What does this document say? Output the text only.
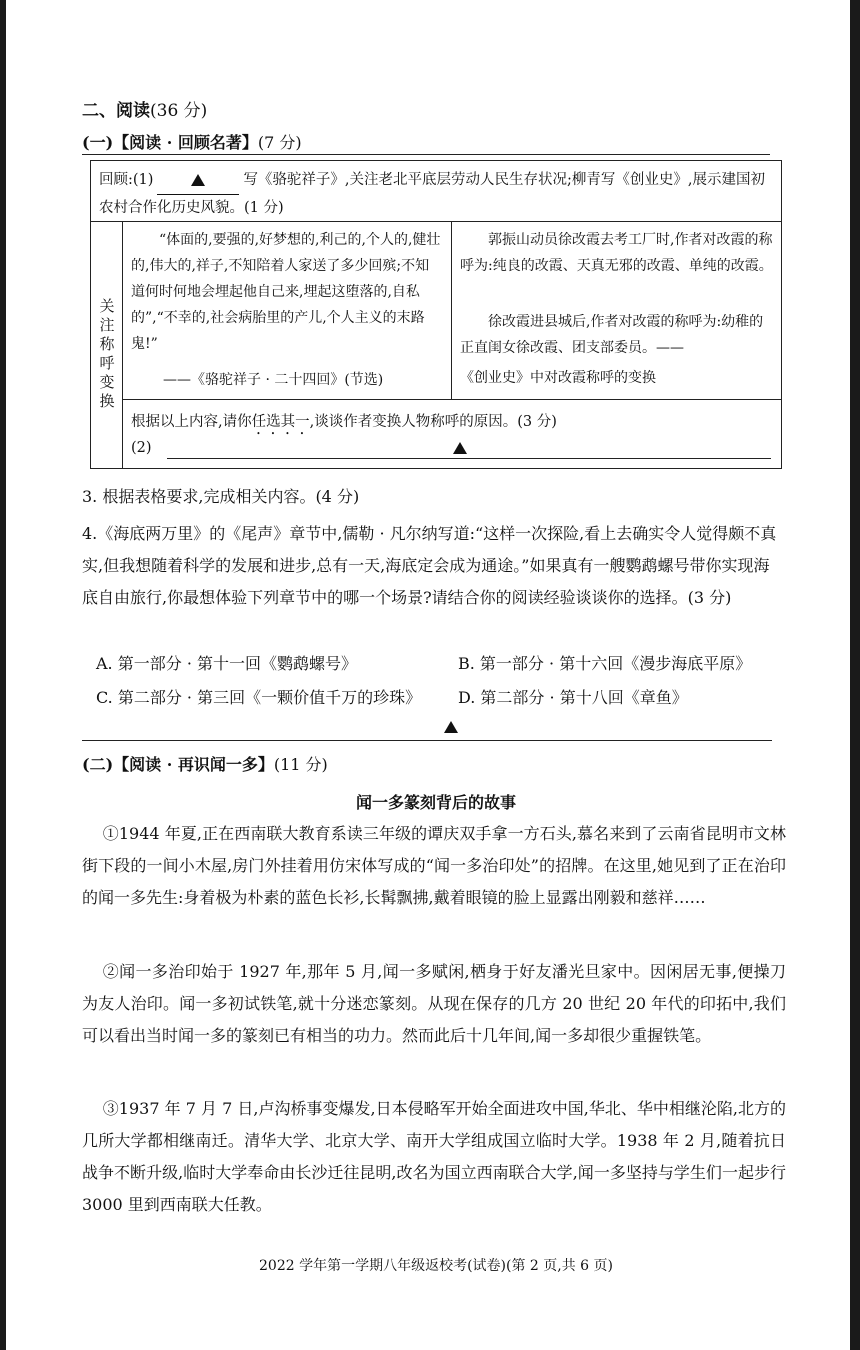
二、阅读(36 分)
(一)【阅读 · 回顾名著】(7 分)
回顾:(1)	写《骆驼祥子》,关注老北平底层劳动人民生存状况;柳青写《创业史》,展示建国初农村合作化历史风貌。(1 分)
关注称呼变换
“体面的,要强的,好梦想的,利己的,个人的,健壮的,伟大的,祥子,不知陪着人家送了多少回殡;不知道何时何地会埋起他自己来,埋起这堕落的,自私的”,“不幸的,社会病胎里的产儿,个人主义的末路鬼!”
——《骆驼祥子 · 二十四回》(节选)
郭振山动员徐改霞去考工厂时,作者对改霞的称呼为:纯良的改霞、天真无邪的改霞、单纯的改霞。
徐改霞进县城后,作者对改霞的称呼为:幼稚的正直闺女徐改霞、团支部委员。——
《创业史》中对改霞称呼的变换
根据以上内容,请你任选其一,谈谈作者变换人物称呼的原因。(3 分)
(2)
3. 根据表格要求,完成相关内容。(4 分)
4.《海底两万里》的《尾声》章节中,儒勒 · 凡尔纳写道:“这样一次探险,看上去确实令人觉得颇不真实,但我想随着科学的发展和进步,总有一天,海底定会成为通途。”如果真有一艘鹦鹉螺号带你实现海底自由旅行,你最想体验下列章节中的哪一个场景?请结合你的阅读经验谈谈你的选择。(3 分)
A. 第一部分 · 第十一回《鹦鹉螺号》	B. 第一部分 · 第十六回《漫步海底平原》
C. 第二部分 · 第三回《一颗价值千万的珍珠》 D. 第二部分 · 第十八回《章鱼》
(二)【阅读 · 再识闻一多】(11 分)
闻一多篆刻背后的故事
①1944 年夏,正在西南联大教育系读三年级的谭庆双手拿一方石头,慕名来到了云南省昆明市文林街下段的一间小木屋,房门外挂着用仿宋体写成的“闻一多治印处”的招牌。在这里,她见到了正在治印的闻一多先生:身着极为朴素的蓝色长衫,长髯飘拂,戴着眼镜的脸上显露出刚毅和慈祥……
②闻一多治印始于 1927 年,那年 5 月,闻一多赋闲,栖身于好友潘光旦家中。因闲居无事,便操刀为友人治印。闻一多初试铁笔,就十分迷恋篆刻。从现在保存的几方 20 世纪 20 年代的印拓中,我们可以看出当时闻一多的篆刻已有相当的功力。然而此后十几年间,闻一多却很少重握铁笔。
③1937 年 7 月 7 日,卢沟桥事变爆发,日本侵略军开始全面进攻中国,华北、华中相继沦陷,北方的几所大学都相继南迁。清华大学、北京大学、南开大学组成国立临时大学。1938 年 2 月,随着抗日战争不断升级,临时大学奉命由长沙迁往昆明,改名为国立西南联合大学,闻一多坚持与学生们一起步行 3000 里到西南联大任教。
2022 学年第一学期八年级返校考(试卷)(第 2 页,共 6 页)
